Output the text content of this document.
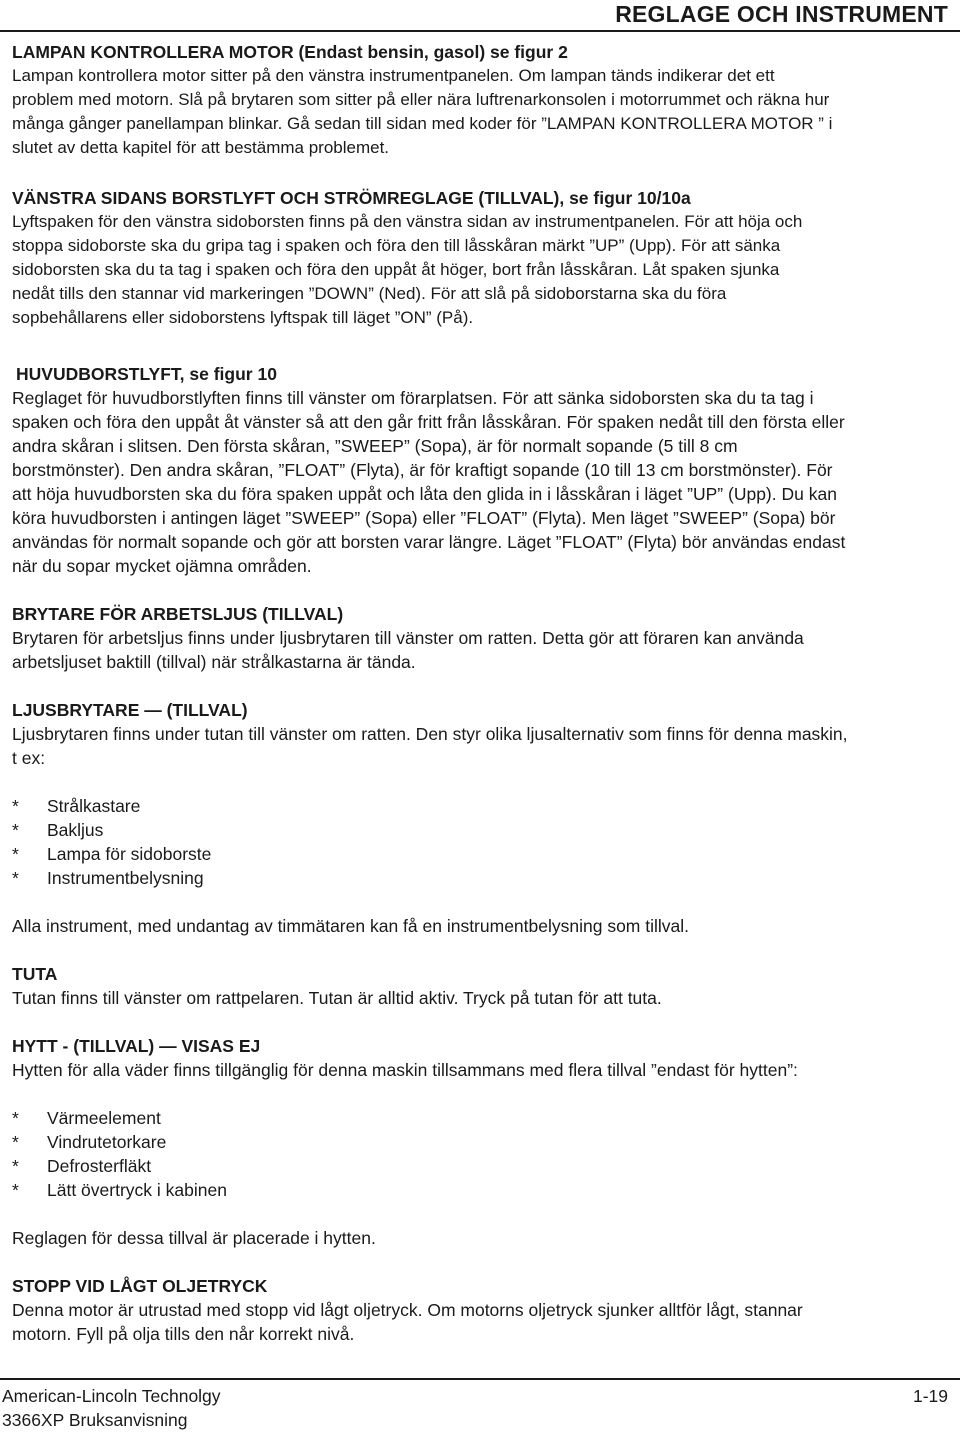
REGLAGE OCH INSTRUMENT

LAMPAN KONTROLLERA MOTOR (Endast bensin, gasol) se figur 2

Lampan kontrollera motor sitter på den vänstra instrumentpanelen. Om lampan tänds indikerar det ett

problem med motorn. Slå på brytaren som sitter på eller nära luftrenarkonsolen i motorrummet och räkna hur

många gånger panellampan blinkar. Gå sedan till sidan med koder för ”LAMPAN KONTROLLERA MOTOR ” i

slutet av detta kapitel för att bestämma problemet.

VÄNSTRA SIDANS BORSTLYFT OCH STRÖMREGLAGE (TILLVAL), se figur 10/10a

Lyftspaken för den vänstra sidoborsten finns på den vänstra sidan av instrumentpanelen. För att höja och

stoppa sidoborste ska du gripa tag i spaken och föra den till låsskåran märkt ”UP” (Upp). För att sänka

sidoborsten ska du ta tag i spaken och föra den uppåt åt höger, bort från låsskåran. Låt spaken sjunka

nedåt tills den stannar vid markeringen ”DOWN” (Ned). För att slå på sidoborstarna ska du föra

sopbehållarens eller sidoborstens lyftspak till läget ”ON” (På).

HUVUDBORSTLYFT, se figur 10

Reglaget för huvudborstlyften finns till vänster om förarplatsen. För att sänka sidoborsten ska du ta tag i

spaken och föra den uppåt åt vänster så att den går fritt från låsskåran. För spaken nedåt till den första eller

andra skåran i slitsen. Den första skåran, ”SWEEP” (Sopa), är för normalt sopande (5 till 8 cm

borstmönster). Den andra skåran, ”FLOAT” (Flyta), är för kraftigt sopande (10 till 13 cm borstmönster). För

att höja huvudborsten ska du föra spaken uppåt och låta den glida in i låsskåran i läget ”UP” (Upp). Du kan

köra huvudborsten i antingen läget ”SWEEP” (Sopa) eller ”FLOAT” (Flyta). Men läget ”SWEEP” (Sopa) bör

användas för normalt sopande och gör att borsten varar längre. Läget ”FLOAT” (Flyta) bör användas endast

när du sopar mycket ojämna områden.

BRYTARE FÖR ARBETSLJUS (TILLVAL)

Brytaren för arbetsljus finns under ljusbrytaren till vänster om ratten. Detta gör att föraren kan använda

arbetsljuset baktill (tillval) när strålkastarna är tända.

LJUSBRYTARE — (TILLVAL)

Ljusbrytaren finns under tutan till vänster om ratten. Den styr olika ljusalternativ som finns för denna maskin,

t ex:

*	Strålkastare
*	Bakljus
*	Lampa för sidoborste
*	Instrumentbelysning

Alla instrument, med undantag av timmätaren kan få en instrumentbelysning som tillval.

TUTA

Tutan finns till vänster om rattpelaren. Tutan är alltid aktiv. Tryck på tutan för att tuta.

HYTT - (TILLVAL) — VISAS EJ

Hytten för alla väder finns tillgänglig för denna maskin tillsammans med flera tillval ”endast för hytten”:

*	Värmeelement
*	Vindrutetorkare
*	Defrosterfläkt
*	Lätt övertryck i kabinen

Reglagen för dessa tillval är placerade i hytten.

STOPP VID LÅGT OLJETRYCK

Denna motor är utrustad med stopp vid lågt oljetryck. Om motorns oljetryck sjunker alltför lågt, stannar

motorn. Fyll på olja tills den når korrekt nivå.

American-Lincoln Technolgy
3366XP Bruksanvisning
1-19
